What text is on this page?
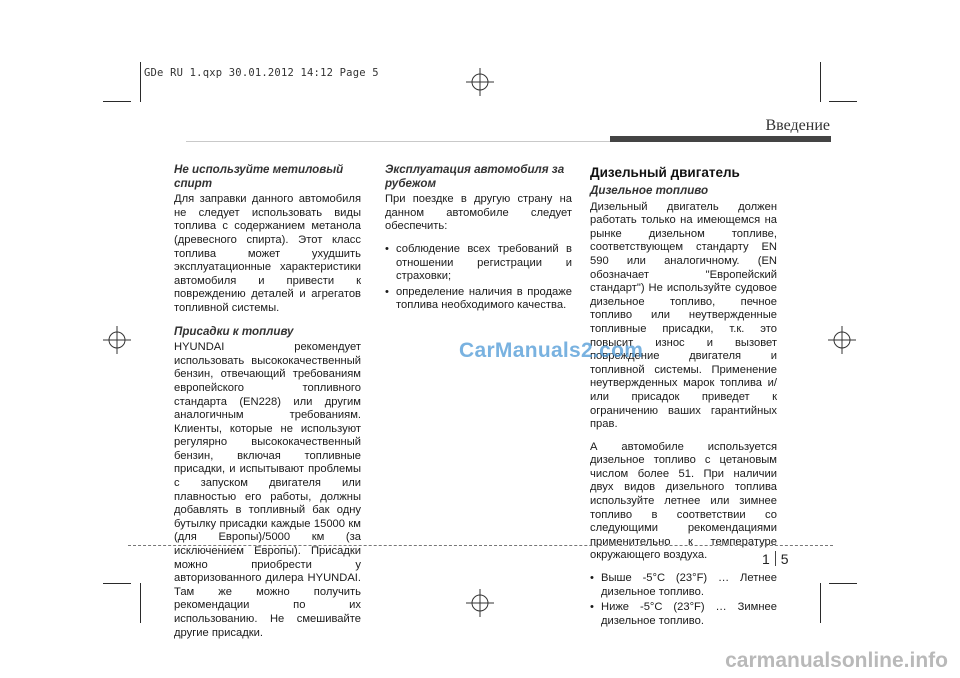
GDe RU 1.qxp 30.01.2012 14:12 Page 5
Введение
Не используйте метиловый спирт
Для заправки данного автомобиля не следует использовать виды топлива с содержанием метанола (древесного спирта). Этот класс топлива может ухудшить эксплуатационные характеристики автомобиля и привести к повреждению деталей и агрегатов топливной системы.
Присадки к топливу
HYUNDAI рекомендует использовать высококачественный бензин, отвечающий требованиям европейского топливного стандарта (EN228) или другим аналогичным требованиям. Клиенты, которые не используют регулярно высококачественный бензин, включая топливные присадки, и испытывают проблемы с запуском двигателя или плавностью его работы, должны добавлять в топливный бак одну бутылку присадки каждые 15000 км (для Европы)/5000 км (за исключением Европы). Присадки можно приобрести у авторизованного дилера HYUNDAI. Там же можно получить рекомендации по их использованию. Не смешивайте другие присадки.
Эксплуатация автомобиля за рубежом
При поездке в другую страну на данном автомобиле следует обеспечить:
• соблюдение всех требований в отношении регистрации и страховки;
• определение наличия в продаже топлива необходимого качества.
Дизельный двигатель
Дизельное топливо
Дизельный двигатель должен работать только на имеющемся на рынке дизельном топливе, соответствующем стандарту EN 590 или аналогичному. (EN обозначает "Европейский стандарт") Не используйте судовое дизельное топливо, печное топливо или неутвержденные топливные присадки, т.к. это повысит износ и вызовет повреждение двигателя и топливной системы. Применение неутвержденных марок топлива и/или присадок приведет к ограничению ваших гарантийных прав.
А автомобиле используется дизельное топливо с цетановым числом более 51. При наличии двух видов дизельного топлива используйте летнее или зимнее топливо в соответствии со следующими рекомендациями применительно к температуре окружающего воздуха.
• Выше -5°C (23°F) … Летнее дизельное топливо.
• Ниже -5°C (23°F) … Зимнее дизельное топливо.
CarManuals2.com
1 5
carmanualsonline.info
